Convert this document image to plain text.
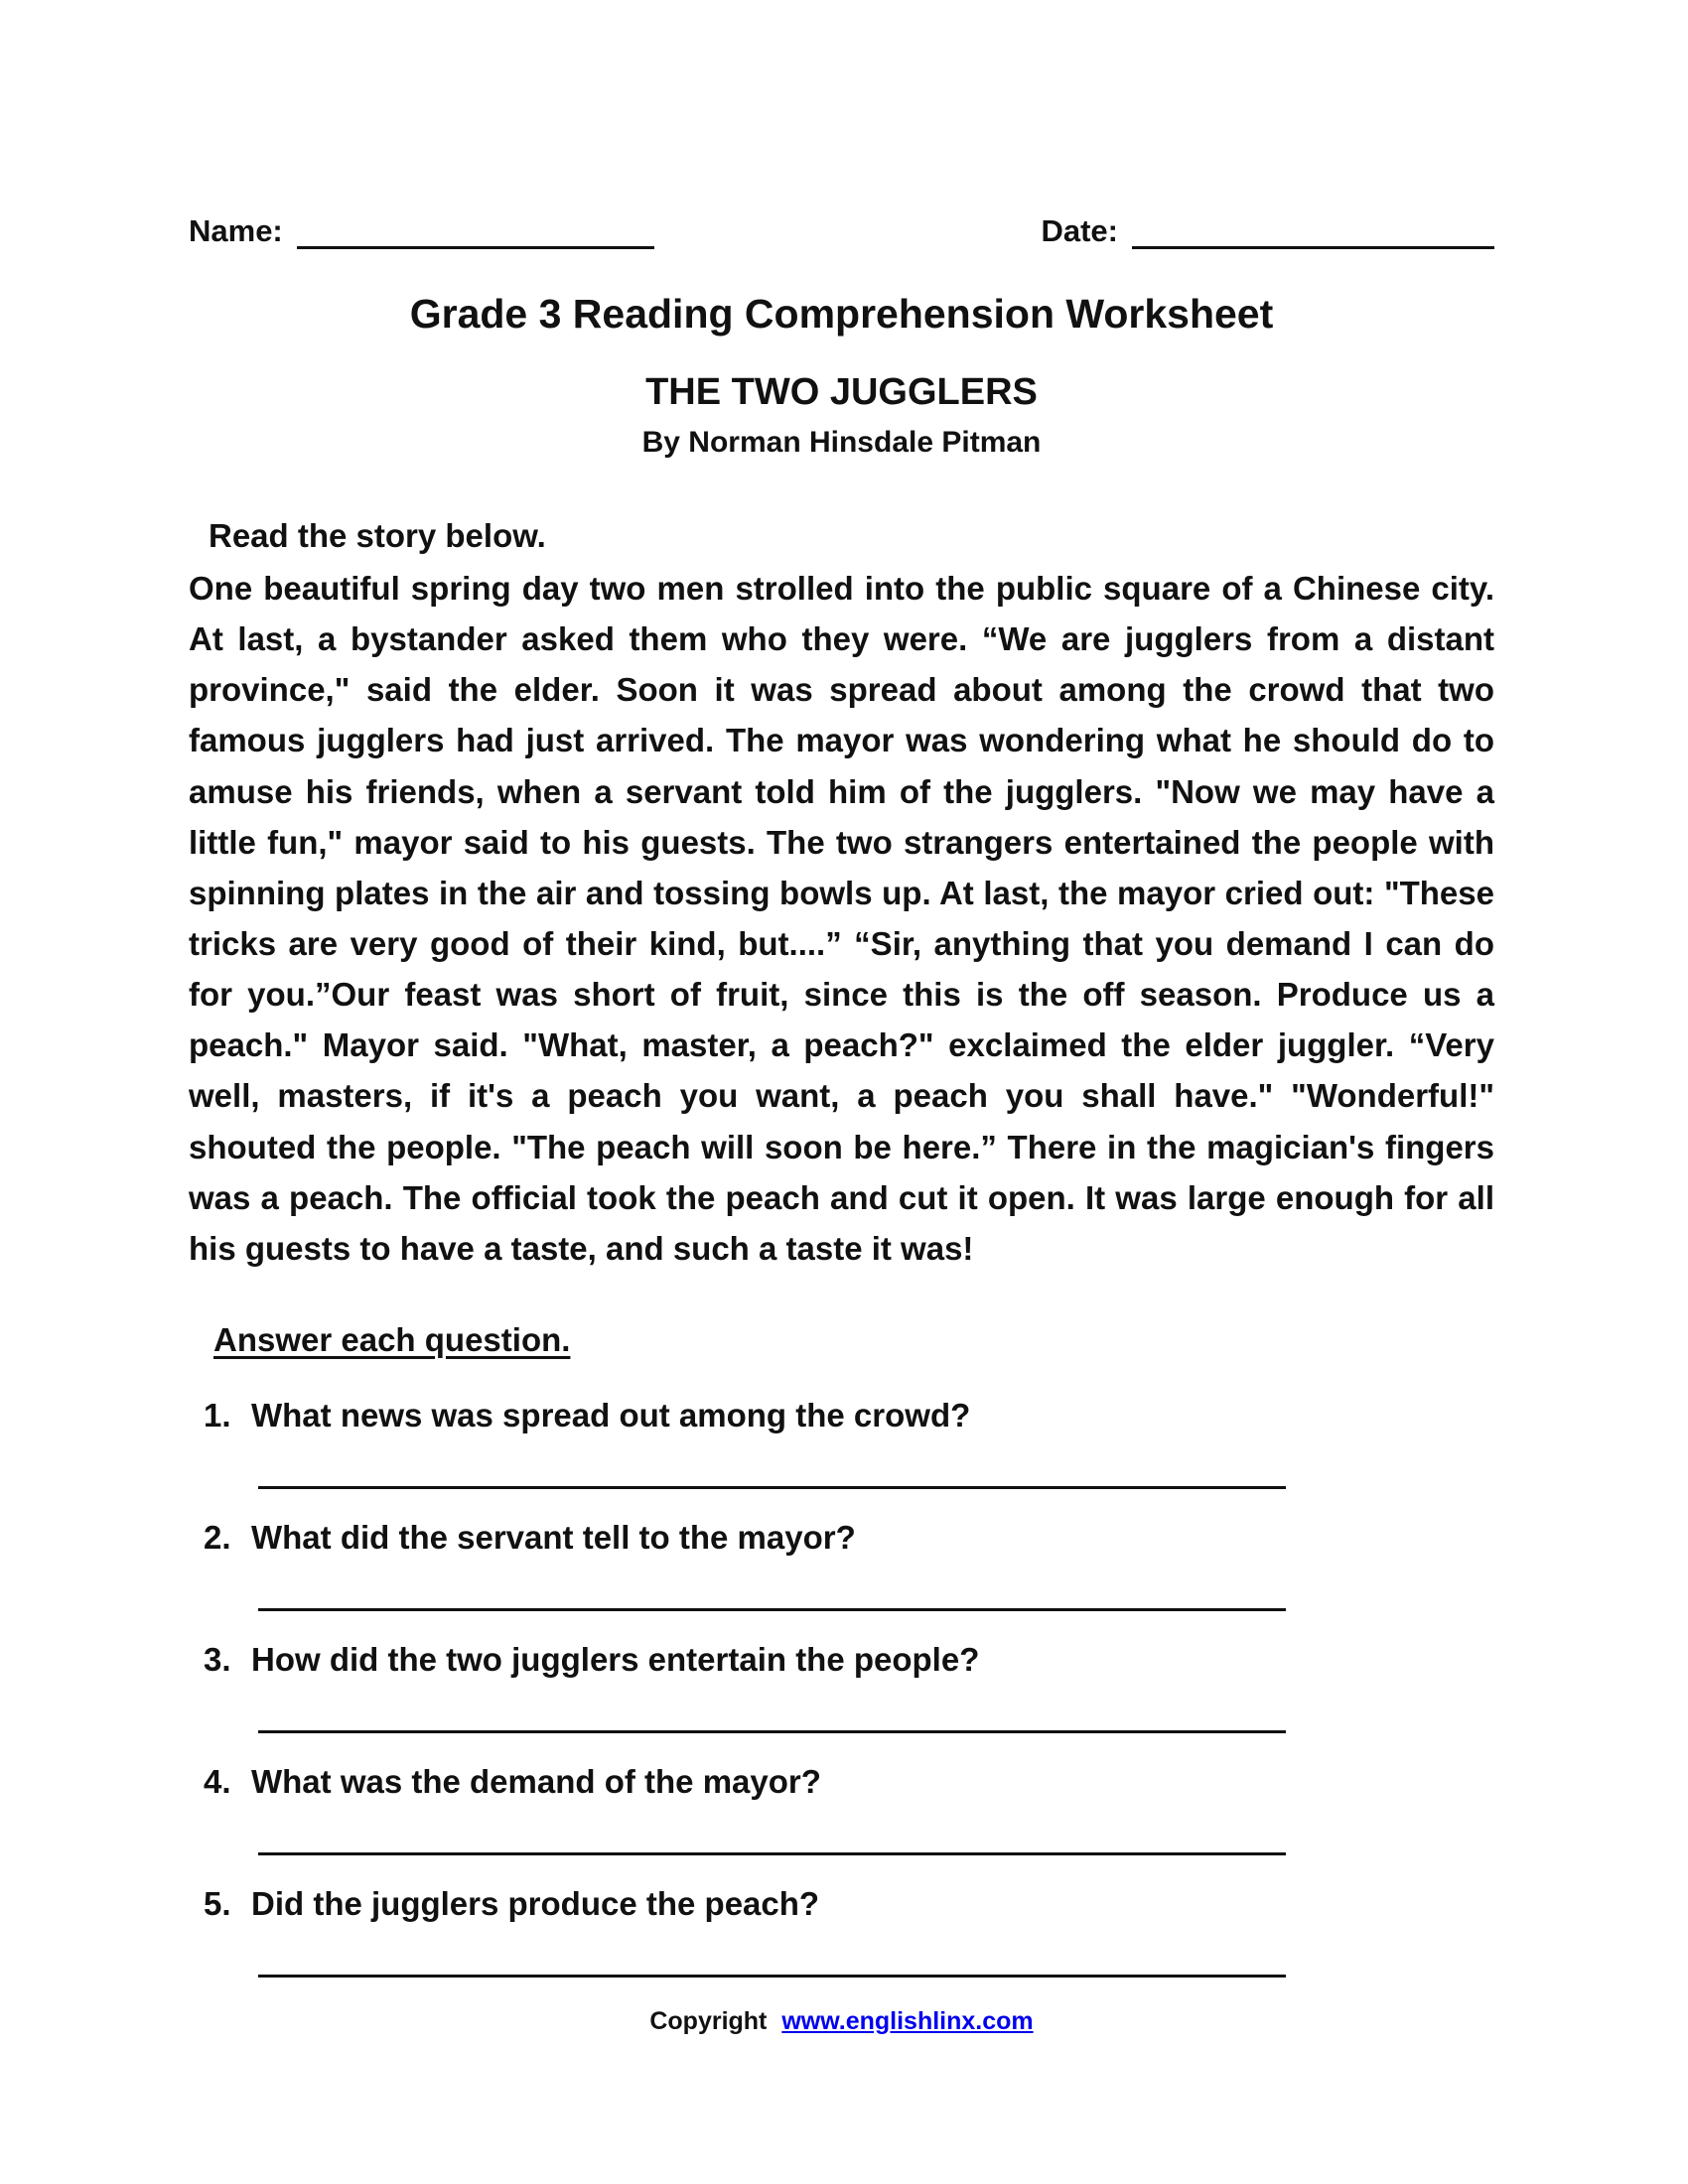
Name:	Date:
Grade 3 Reading Comprehension Worksheet
THE TWO JUGGLERS
By Norman Hinsdale Pitman

Read the story below.

One beautiful spring day two men strolled into the public square of a Chinese city. At last, a bystander asked them who they were. “We are jugglers from a distant province," said the elder. Soon it was spread about among the crowd that two famous jugglers had just arrived. The mayor was wondering what he should do to amuse his friends, when a servant told him of the jugglers. "Now we may have a little fun," mayor said to his guests. The two strangers entertained the people with spinning plates in the air and tossing bowls up. At last, the mayor cried out: "These tricks are very good of their kind, but....” “Sir, anything that you demand I can do for you.”Our feast was short of fruit, since this is the off season. Produce us a peach." Mayor said. "What, master, a peach?" exclaimed the elder juggler. “Very well, masters, if it's a peach you want, a peach you shall have." "Wonderful!" shouted the people. "The peach will soon be here.” There in the magician's fingers was a peach. The official took the peach and cut it open. It was large enough for all his guests to have a taste, and such a taste it was!

Answer each question.

1. What news was spread out among the crowd?
2. What did the servant tell to the mayor?
3. How did the two jugglers entertain the people?
4. What was the demand of the mayor?
5. Did the jugglers produce the peach?
Copyright www.englishlinx.com
